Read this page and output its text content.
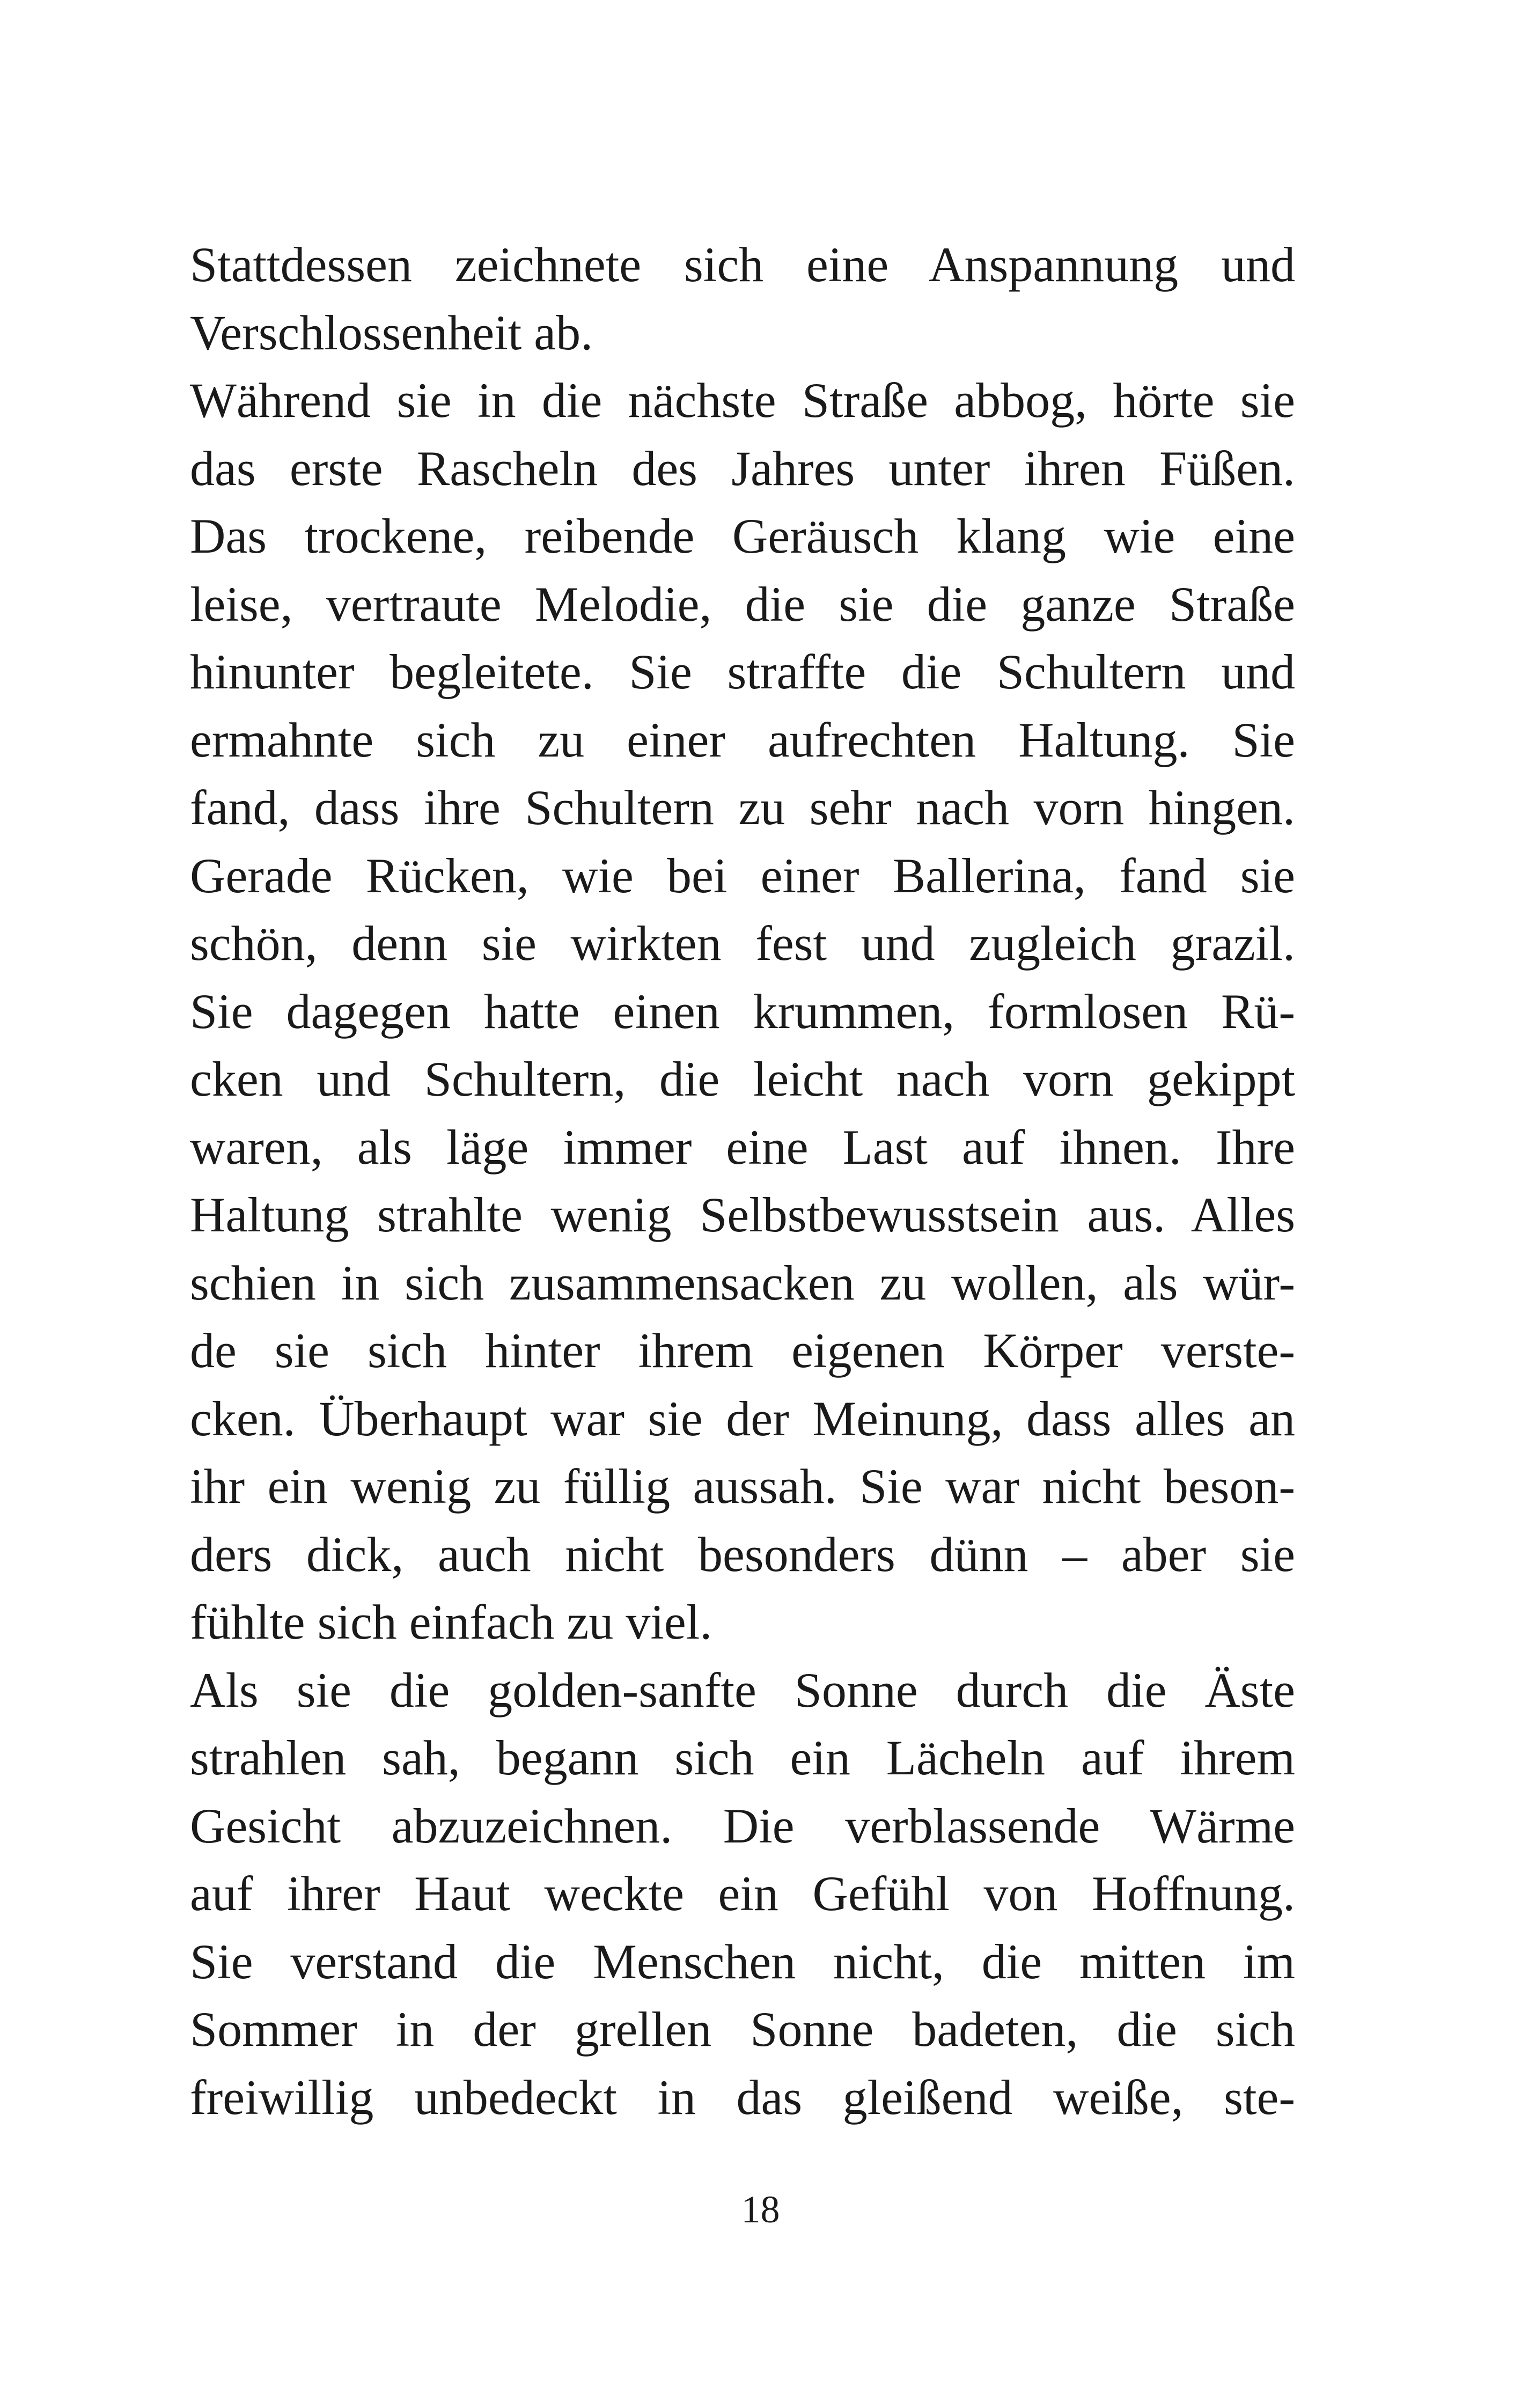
Stattdessen zeichnete sich eine Anspannung und
Verschlossenheit ab.
Während sie in die nächste Straße abbog, hörte sie
das erste Rascheln des Jahres unter ihren Füßen.
Das trockene, reibende Geräusch klang wie eine
leise, vertraute Melodie, die sie die ganze Straße
hinunter begleitete. Sie straffte die Schultern und
ermahnte sich zu einer aufrechten Haltung. Sie
fand, dass ihre Schultern zu sehr nach vorn hingen.
Gerade Rücken, wie bei einer Ballerina, fand sie
schön, denn sie wirkten fest und zugleich grazil.
Sie dagegen hatte einen krummen, formlosen Rü-
cken und Schultern, die leicht nach vorn gekippt
waren, als läge immer eine Last auf ihnen. Ihre
Haltung strahlte wenig Selbstbewusstsein aus. Alles
schien in sich zusammensacken zu wollen, als wür-
de sie sich hinter ihrem eigenen Körper verste-
cken. Überhaupt war sie der Meinung, dass alles an
ihr ein wenig zu füllig aussah. Sie war nicht beson-
ders dick, auch nicht besonders dünn – aber sie
fühlte sich einfach zu viel.
Als sie die golden-sanfte Sonne durch die Äste
strahlen sah, begann sich ein Lächeln auf ihrem
Gesicht abzuzeichnen. Die verblassende Wärme
auf ihrer Haut weckte ein Gefühl von Hoffnung.
Sie verstand die Menschen nicht, die mitten im
Sommer in der grellen Sonne badeten, die sich
freiwillig unbedeckt in das gleißend weiße, ste-
18
